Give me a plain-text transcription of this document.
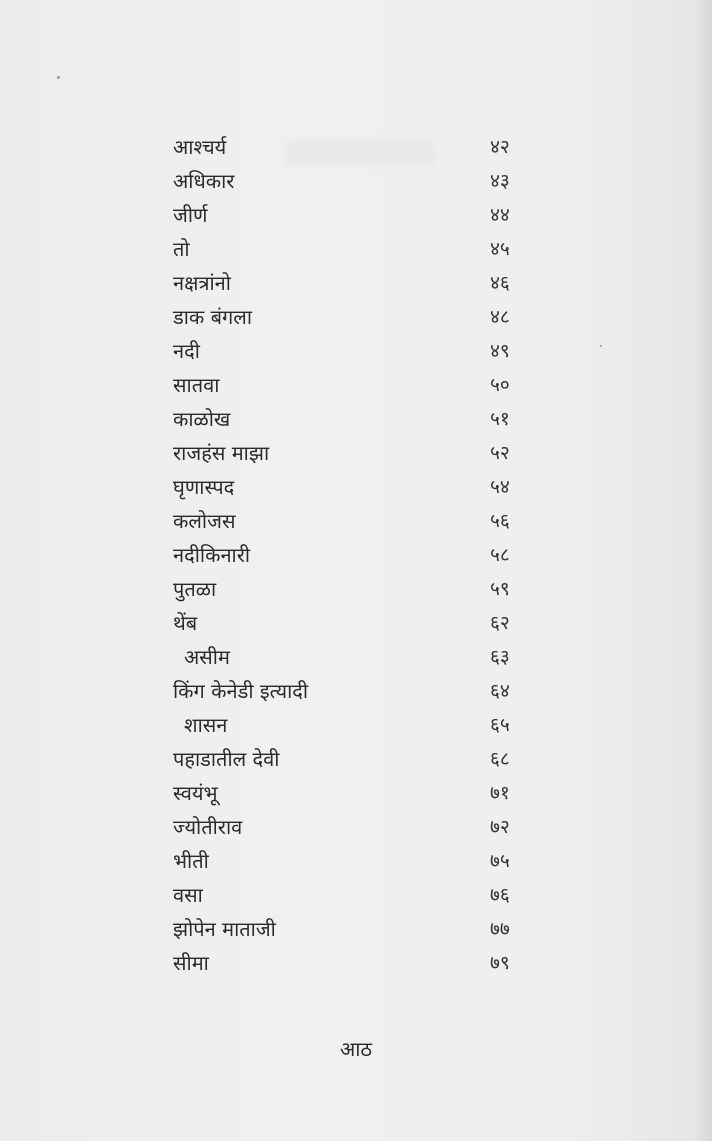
आश्चर्य	४२
अधिकार	४३
जीर्ण	४४
तो	४५
नक्षत्रांनो	४६
डाक बंगला	४८
नदी	४९
सातवा	५०
काळोख	५१
राजहंस माझा	५२
घृणास्पद	५४
कलोजस	५६
नदीकिनारी	५८
पुतळा	५९
थेंब	६२
असीम	६३
किंग केनेडी इत्यादी	६४
शासन	६५
पहाडातील देवी	६८
स्वयंभू	७१
ज्योतीराव	७२
भीती	७५
वसा	७६
झोपेन माताजी	७७
सीमा	७९
आठ
